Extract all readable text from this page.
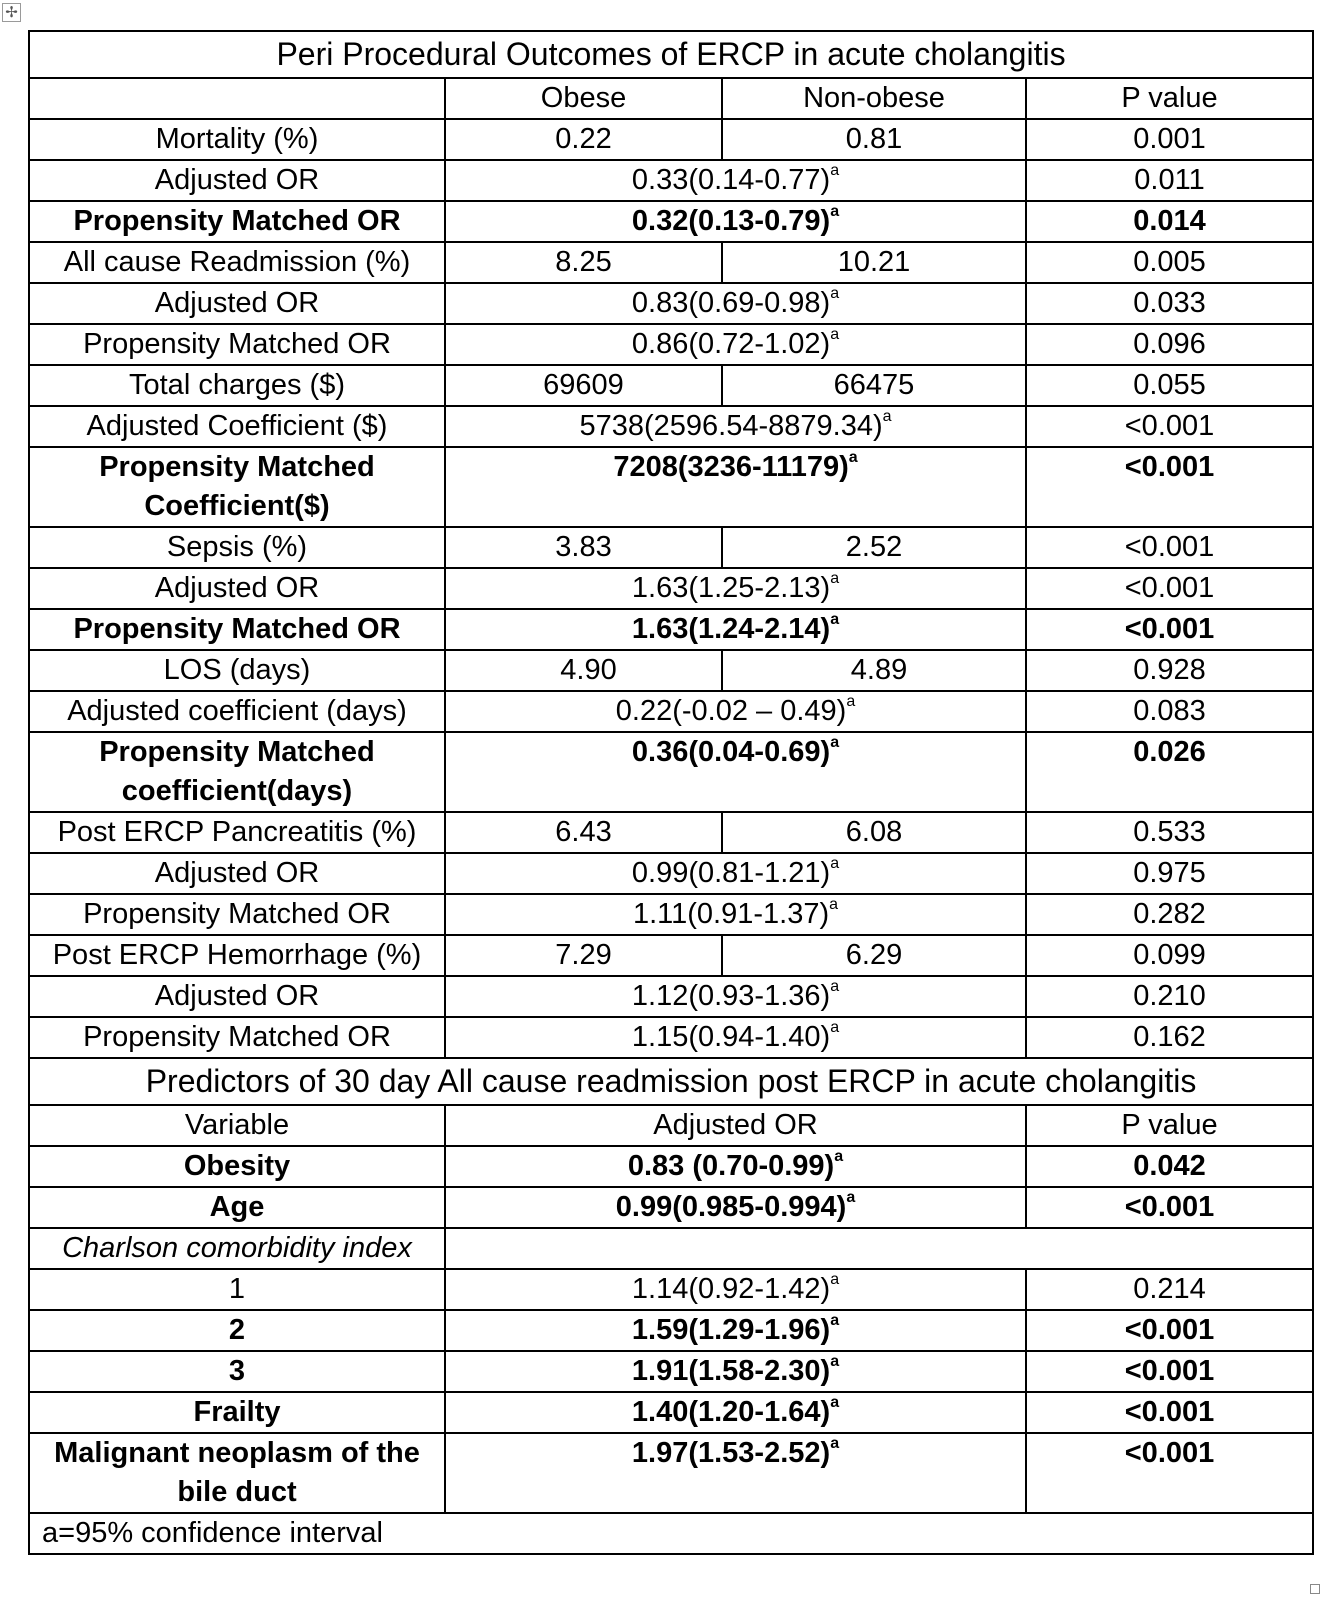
✢
Peri Procedural Outcomes of ERCP in acute cholangitis			
	Obese	Non-obese	P value
Mortality (%)	0.22	0.81	0.001
Adjusted OR	$0.33(0.14-0.77)^a$		0.011
Propensity Matched OR	$0.32(0.13-0.79)^a$		0.014
All cause Readmission (%)	8.25	10.21	0.005
Adjusted OR	$0.83(0.69-0.98)^a$		0.033
Propensity Matched OR	$0.86(0.72-1.02)^a$		0.096
Total charges ($)	69609	66475	0.055
Adjusted Coefficient ($)	$5738(2596.54-8879.34)^a$		<0.001
Propensity Matched Coefficient($)	$7208(3236-11179)^a$		<0.001
Sepsis (%)	3.83	2.52	<0.001
Adjusted OR	$1.63(1.25-2.13)^a$		<0.001
Propensity Matched OR	$1.63(1.24-2.14)^a$		<0.001
LOS (days)	4.90	4.89	0.928
Adjusted coefficient (days)	0.22(-0.02 – 0.49)$^a$		0.083
Propensity Matched coefficient(days)	$0.36(0.04-0.69)^a$		0.026
Post ERCP Pancreatitis (%)	6.43	6.08	0.533
Adjusted OR	$0.99(0.81-1.21)^a$		0.975
Propensity Matched OR	$1.11(0.91-1.37)^a$		0.282
Post ERCP Hemorrhage (%)	7.29	6.29	0.099
Adjusted OR	$1.12(0.93-1.36)^a$		0.210
Propensity Matched OR	$1.15(0.94-1.40)^a$		0.162
Predictors of 30 day All cause readmission post ERCP in acute cholangitis			
Variable	Adjusted OR		P value
Obesity	0.83 $(0.70-0.99)^a$		0.042
Age	$0.99(0.985-0.994)^a$		<0.001
Charlson comorbidity index			
1	$1.14(0.92-1.42)^a$		0.214
2	$1.59(1.29-1.96)^a$		<0.001
3	$1.91(1.58-2.30)^a$		<0.001
Frailty	$1.40(1.20-1.64)^a$		<0.001
Malignant neoplasm of the bile duct	$1.97(1.53-2.52)^a$		<0.001
a=95% confidence interval			
